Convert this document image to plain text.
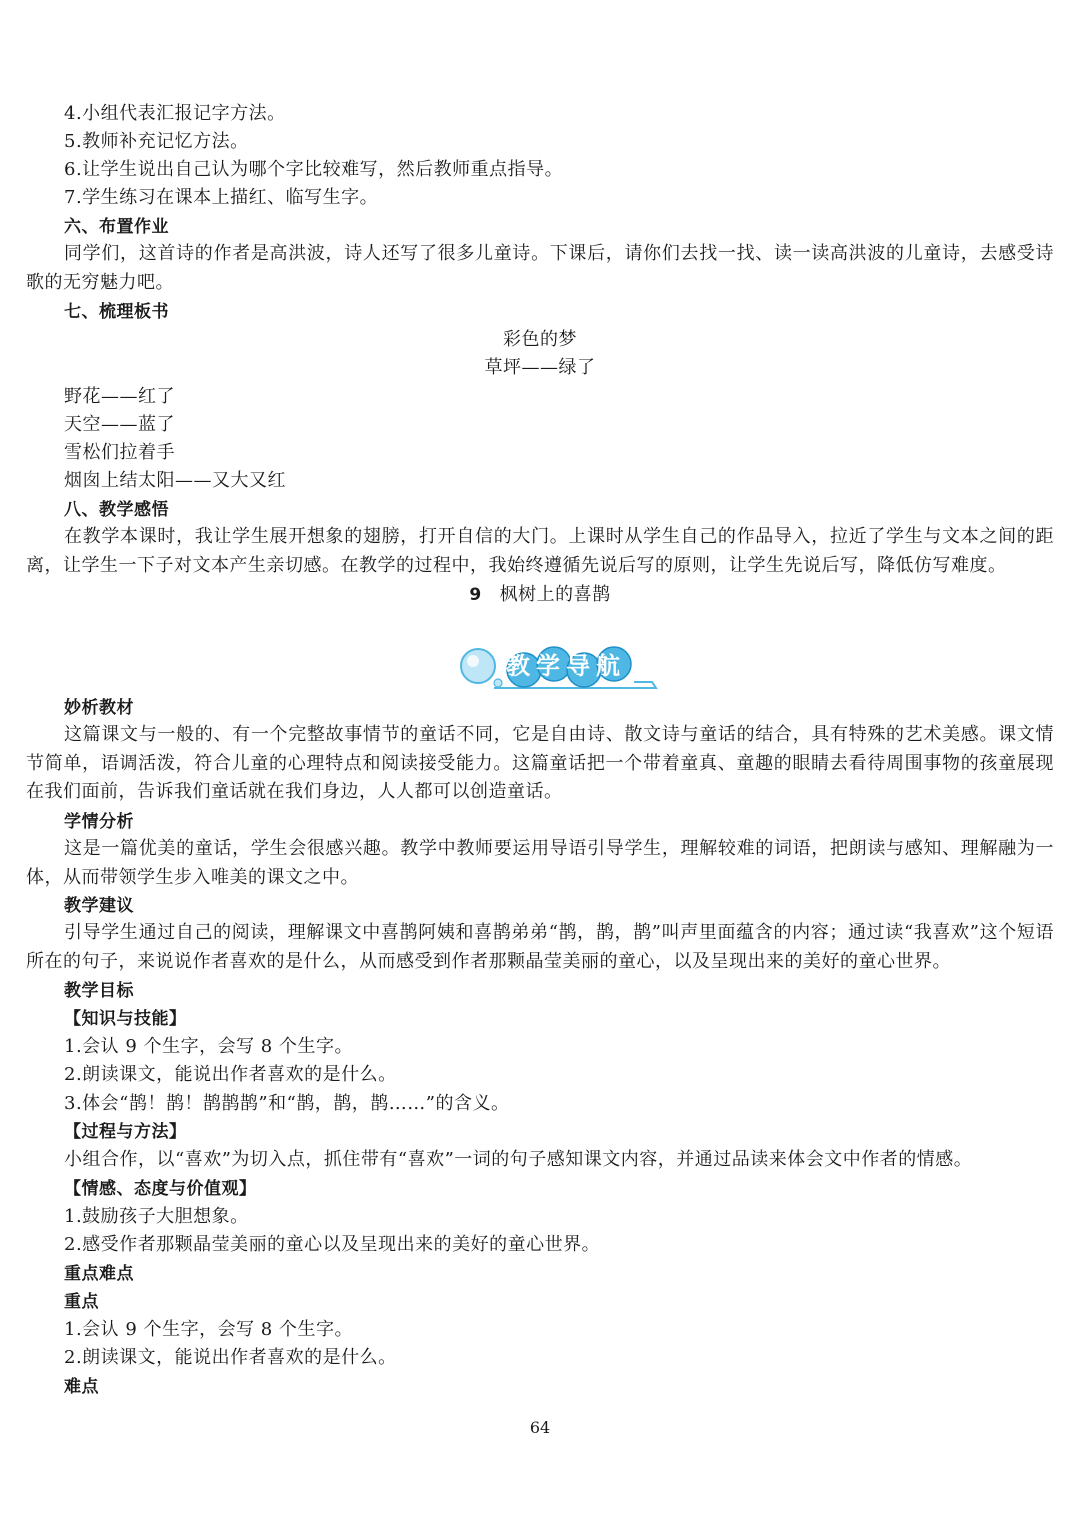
4.小组代表汇报记字方法。
5.教师补充记忆方法。
6.让学生说出自己认为哪个字比较难写，然后教师重点指导。
7.学生练习在课本上描红、临写生字。
六、布置作业
同学们，这首诗的作者是高洪波，诗人还写了很多儿童诗。下课后，请你们去找一找、读一读高洪波的儿童诗，去感受诗歌的无穷魅力吧。
七、梳理板书
彩色的梦
草坪——绿了
野花——红了
天空——蓝了
雪松们拉着手
烟囱上结太阳——又大又红
八、教学感悟
在教学本课时，我让学生展开想象的翅膀，打开自信的大门。上课时从学生自己的作品导入，拉近了学生与文本之间的距离，让学生一下子对文本产生亲切感。在教学的过程中，我始终遵循先说后写的原则，让学生先说后写，降低仿写难度。
9 枫树上的喜鹊
教学导航
妙析教材
这篇课文与一般的、有一个完整故事情节的童话不同，它是自由诗、散文诗与童话的结合，具有特殊的艺术美感。课文情节简单，语调活泼，符合儿童的心理特点和阅读接受能力。这篇童话把一个带着童真、童趣的眼睛去看待周围事物的孩童展现在我们面前，告诉我们童话就在我们身边，人人都可以创造童话。
学情分析
这是一篇优美的童话，学生会很感兴趣。教学中教师要运用导语引导学生，理解较难的词语，把朗读与感知、理解融为一体，从而带领学生步入唯美的课文之中。
教学建议
引导学生通过自己的阅读，理解课文中喜鹊阿姨和喜鹊弟弟“鹊，鹊，鹊”叫声里面蕴含的内容；通过读“我喜欢”这个短语所在的句子，来说说作者喜欢的是什么，从而感受到作者那颗晶莹美丽的童心，以及呈现出来的美好的童心世界。
教学目标
【知识与技能】
1.会认 9 个生字，会写 8 个生字。
2.朗读课文，能说出作者喜欢的是什么。
3.体会“鹊！鹊！鹊鹊鹊”和“鹊，鹊，鹊……”的含义。
【过程与方法】
小组合作，以“喜欢”为切入点，抓住带有“喜欢”一词的句子感知课文内容，并通过品读来体会文中作者的情感。
【情感、态度与价值观】
1.鼓励孩子大胆想象。
2.感受作者那颗晶莹美丽的童心以及呈现出来的美好的童心世界。
重点难点
重点
1.会认 9 个生字，会写 8 个生字。
2.朗读课文，能说出作者喜欢的是什么。
难点
64
